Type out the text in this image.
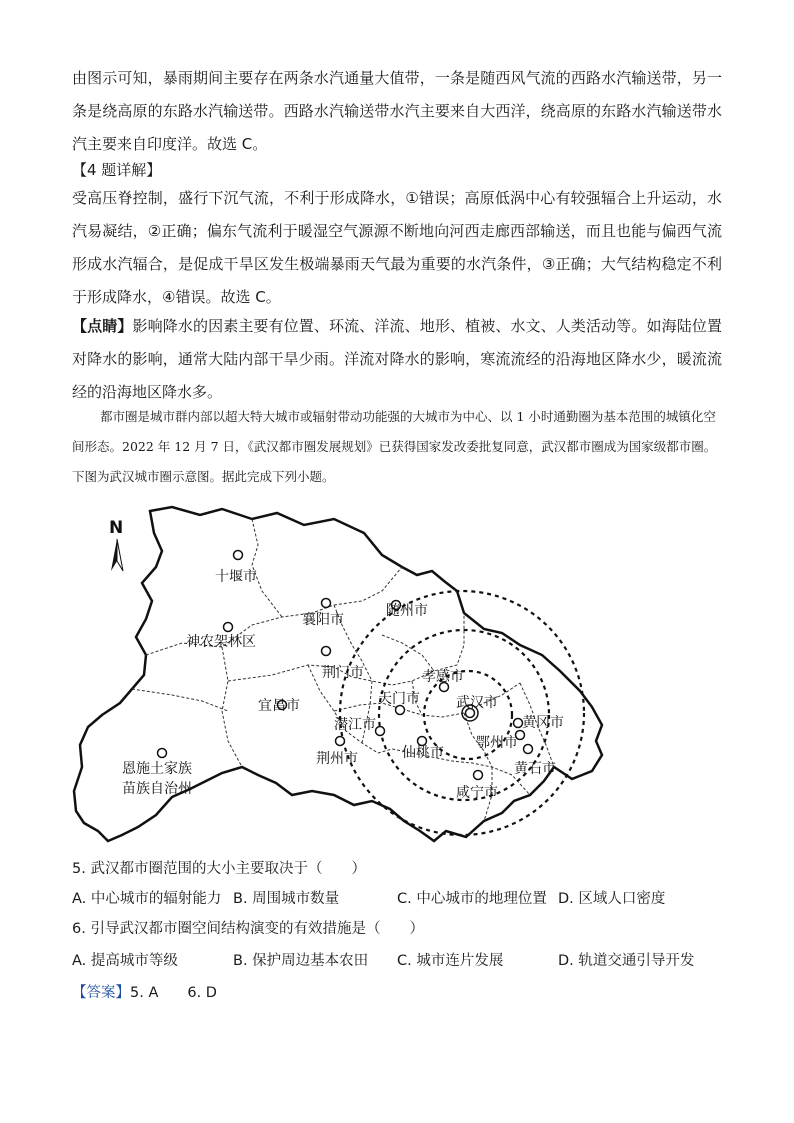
由图示可知，暴雨期间主要存在两条水汽通量大值带，一条是随西风气流的西路水汽输送带，另一条是绕高原的东路水汽输送带。西路水汽输送带水汽主要来自大西洋，绕高原的东路水汽输送带水汽主要来自印度洋。故选 C。

【4 题详解】

受高压脊控制，盛行下沉气流，不利于形成降水，①错误；高原低涡中心有较强辐合上升运动，水汽易凝结，②正确；偏东气流利于暖湿空气源源不断地向河西走廊西部输送，而且也能与偏西气流形成水汽辐合，是促成干旱区发生极端暴雨天气最为重要的水汽条件，③正确；大气结构稳定不利于形成降水，④错误。故选 C。

【点睛】影响降水的因素主要有位置、环流、洋流、地形、植被、水文、人类活动等。如海陆位置对降水的影响，通常大陆内部干旱少雨。洋流对降水的影响，寒流流经的沿海地区降水少，暖流流经的沿海地区降水多。

都市圈是城市群内部以超大特大城市或辐射带动功能强的大城市为中心、以 1 小时通勤圈为基本范围的城镇化空间形态。2022 年 12 月 7 日，《武汉都市圈发展规划》已获得国家发改委批复同意，武汉都市圈成为国家级都市圈。下图为武汉城市圈示意图。据此完成下列小题。

N
十堰市
襄阳市
随州市
神农架林区
荆门市	孝感市
天门市	武汉市
宜昌市
潜江市	黄冈市
鄂州市
荆州市	仙桃市
黄石市
咸宁市
恩施土家族
苗族自治州
5. 武汉都市圈范围的大小主要取决于（　　）
A. 中心城市的辐射能力 B. 周围城市数量	C. 中心城市的地理位置 D. 区域人口密度
6. 引导武汉都市圈空间结构演变的有效措施是（　　）
A. 提高城市等级	B. 保护周边基本农田 C. 城市连片发展	D. 轨道交通引导开发
【答案】5. A　　6. D
